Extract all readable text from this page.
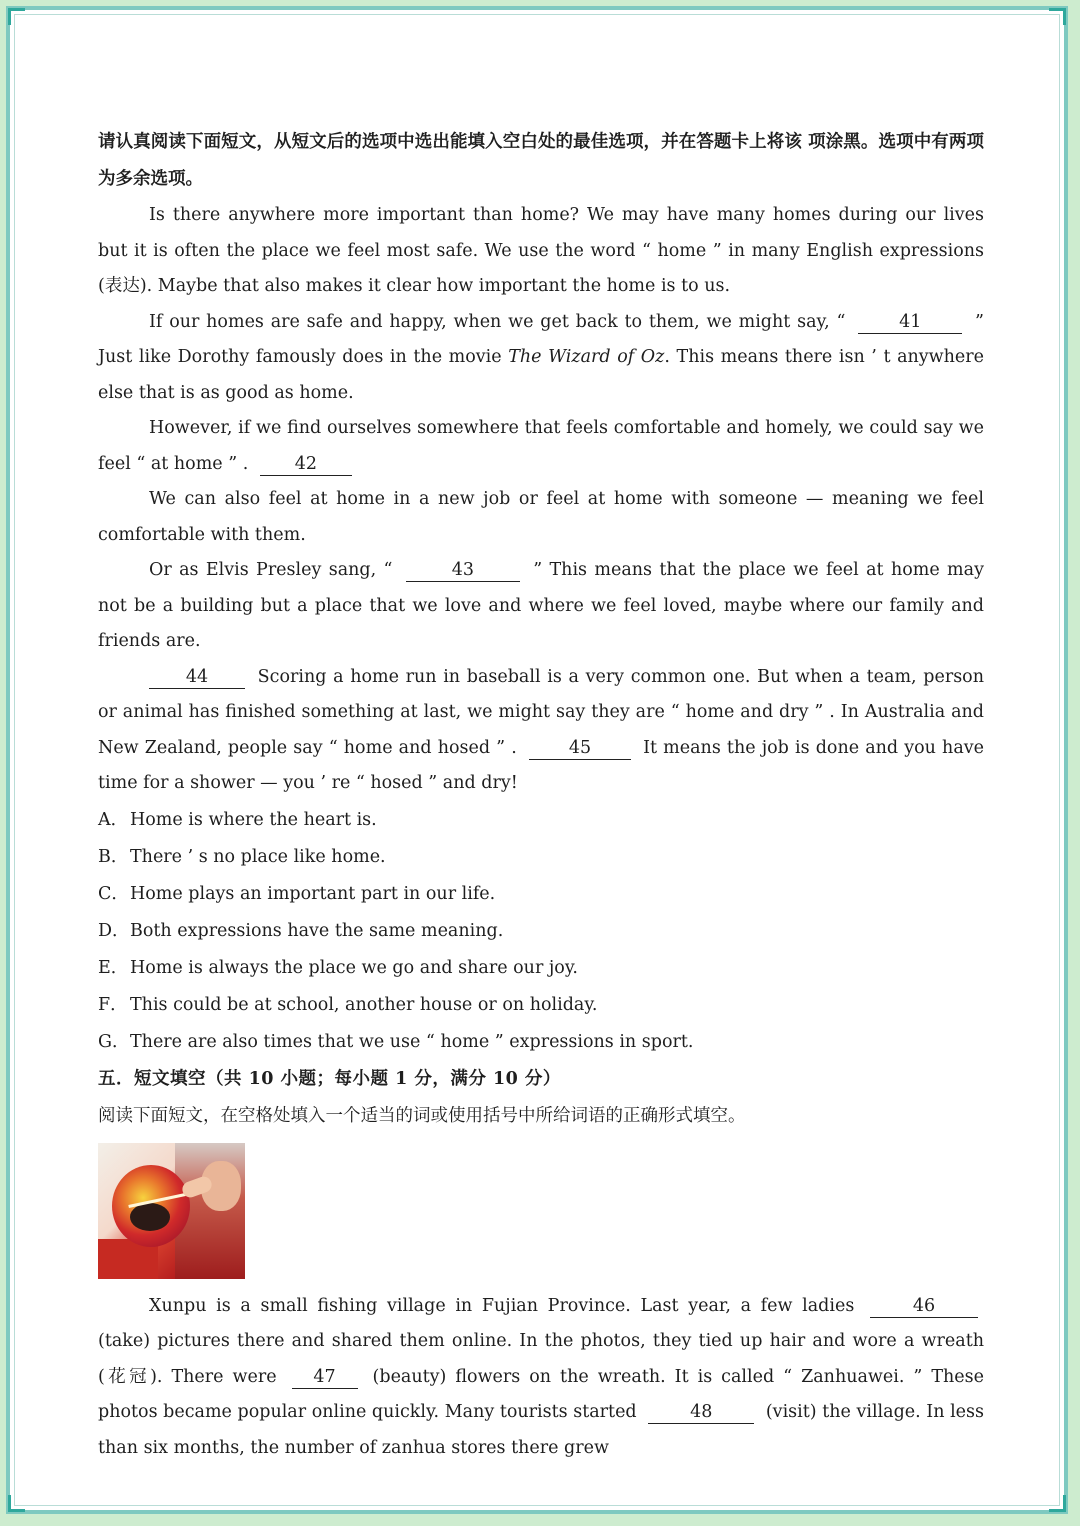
请认真阅读下面短文，从短文后的选项中选出能填入空白处的最佳选项，并在答题卡上将该 项涂黑。选项中有两项为多余选项。

Is there anywhere more important than home? We may have many homes during our lives but it is often the place we feel most safe. We use the word “ home ” in many English expressions (表达). Maybe that also makes it clear how important the home is to us.

If our homes are safe and happy, when we get back to them, we might say, “	41	” Just like Dorothy famously does in the movie The Wizard of Oz. This means there isn ’ t anywhere else that is as good as home.

However, if we find ourselves somewhere that feels comfortable and homely, we could say we feel “ at home ” .	42

We can also feel at home in a new job or feel at home with someone — meaning we feel comfortable with them.

Or as Elvis Presley sang, “	43	” This means that the place we feel at home may not be a building but a place that we love and where we feel loved, maybe where our family and friends are.

44	Scoring a home run in baseball is a very common one. But when a team, person or animal has finished something at last, we might say they are “ home and dry ” . In Australia and New Zealand, people say “ home and hosed ” .	45	It means the job is done and you have time for a shower — you ’ re “ hosed ” and dry!

A． Home is where the heart is.

B．There ’ s no place like home.

C．Home plays an important part in our life.

D．Both expressions have the same meaning.

E．Home is always the place we go and share our joy.

F． This could be at school, another house or on holiday.

G．There are also times that we use “ home ” expressions in sport.

五．短文填空（共 10 小题；每小题 1 分，满分 10 分）

阅读下面短文，在空格处填入一个适当的词或使用括号中所给词语的正确形式填空。

Xunpu is a small fishing village in Fujian Province. Last year, a few ladies	46 (take) pictures there and shared them online. In the photos, they tied up hair and wore a wreath (花冠). There were 47 (beauty) flowers on the wreath. It is called “ Zanhuawei. ” These photos became popular online quickly. Many tourists started	48	(visit) the village. In less than six months, the number of zanhua stores there grew
